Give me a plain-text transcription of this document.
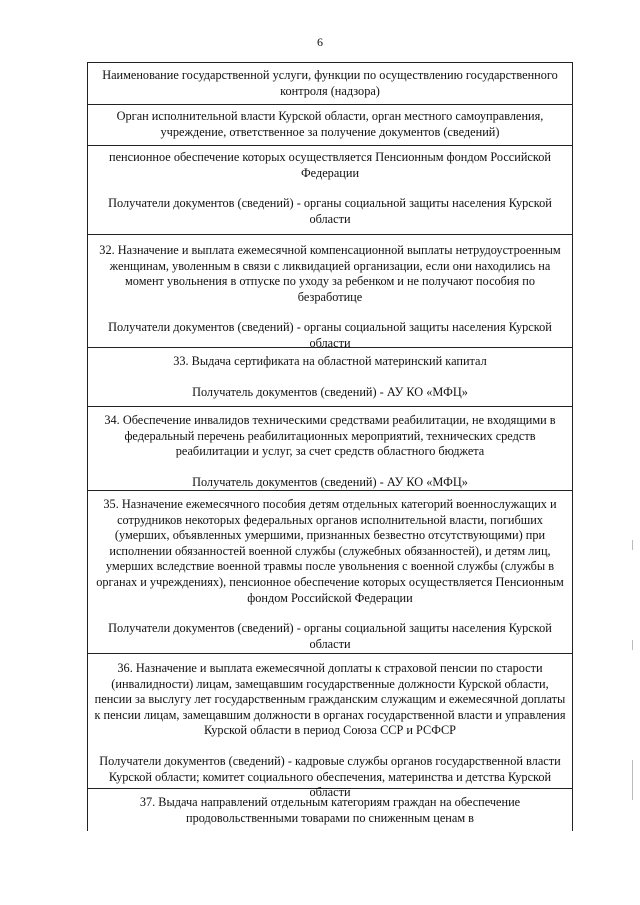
6

Наименование государственной услуги, функции по осуществлению государственного контроля (надзора)

Орган исполнительной власти Курской области, орган местного самоуправления, учреждение, ответственное за получение документов (сведений)

пенсионное обеспечение которых осуществляется Пенсионным фондом Российской Федерации

Получатели документов (сведений) - органы социальной защиты населения Курской области

32. Назначение и выплата ежемесячной компенсационной выплаты нетрудоустроенным женщинам, уволенным в связи с ликвидацией организации, если они находились на момент увольнения в отпуске по уходу за ребенком и не получают пособия по безработице

Получатели документов (сведений) - органы социальной защиты населения Курской области

33. Выдача сертификата на областной материнский капитал

Получатель документов (сведений) - АУ КО «МФЦ»

34. Обеспечение инвалидов техническими средствами реабилитации, не входящими в федеральный перечень реабилитационных мероприятий, технических средств реабилитации и услуг, за счет средств областного бюджета

Получатель документов (сведений) - АУ КО «МФЦ»

35. Назначение ежемесячного пособия детям отдельных категорий военнослужащих и сотрудников некоторых федеральных органов исполнительной власти, погибших (умерших, объявленных умершими, признанных безвестно отсутствующими) при исполнении обязанностей военной службы (служебных обязанностей), и детям лиц, умерших вследствие военной травмы после увольнения с военной службы (службы в органах и учреждениях), пенсионное обеспечение которых осуществляется Пенсионным фондом Российской Федерации

Получатели документов (сведений) - органы социальной защиты населения Курской области

36. Назначение и выплата ежемесячной доплаты к страховой пенсии по старости (инвалидности) лицам, замещавшим государственные должности Курской области, пенсии за выслугу лет государственным гражданским служащим и ежемесячной доплаты к пенсии лицам, замещавшим должности в органах государственной власти и управления Курской области в период Союза ССР и РСФСР

Получатели документов (сведений) - кадровые службы органов государственной власти Курской области; комитет социального обеспечения, материнства и детства Курской области

37. Выдача направлений отдельным категориям граждан на обеспечение продовольственными товарами по сниженным ценам в
